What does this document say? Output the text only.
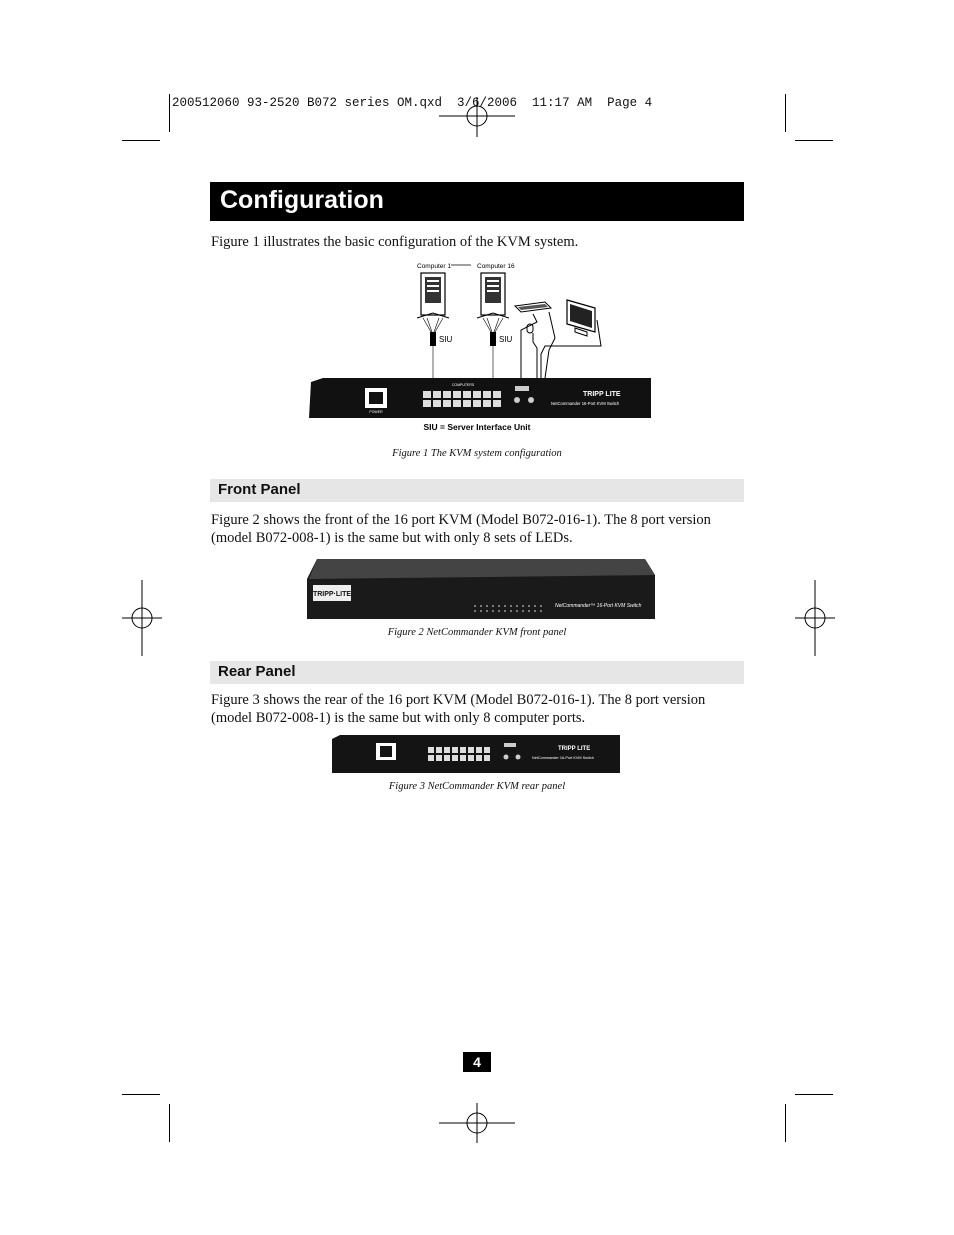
200512060 93-2520 B072 series OM.qxd  3/6/2006  11:17 AM  Page 4
Configuration
Figure 1 illustrates the basic configuration of the KVM system.
Computer 1	Computer 16
SIU	SIU
POWER
COMPUTERS
TRIPP LITE
NetCommander 16-Port KVM Switch
SIU = Server Interface Unit
Figure 1 The KVM system configuration
Front Panel
Figure 2 shows the front of the 16 port KVM (Model B072-016-1). The 8 port version (model B072-008-1) is the same but with only 8 sets of LEDs.
TRIPP·LITE
NetCommander™ 16-Port KVM Switch
Figure 2 NetCommander KVM front panel
Rear Panel
Figure 3 shows the rear of the 16 port KVM (Model B072-016-1). The 8 port version (model B072-008-1) is the same but with only 8 computer ports.
TRIPP LITE
NetCommander 16-Port KVM Switch
Figure 3 NetCommander KVM rear panel
4
